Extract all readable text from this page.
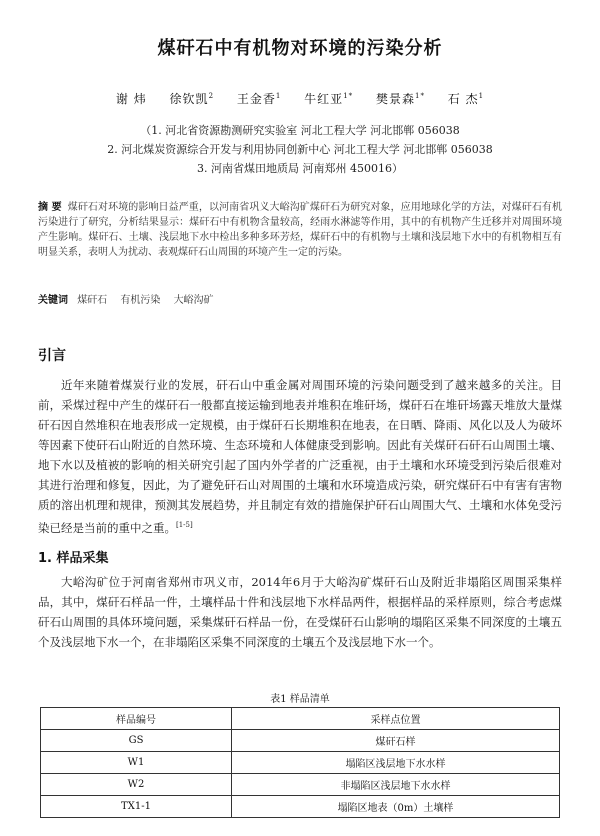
煤矸石中有机物对环境的污染分析
谢 炜 徐钦凯$^2$ 王金香$^1$ 牛红亚$^{1*}$ 樊景森$^{1*}$ 石 杰$^1$
（1. 河北省资源勘测研究实验室 河北工程大学 河北邯郸 056038
2. 河北煤炭资源综合开发与利用协同创新中心 河北工程大学 河北邯郸 056038
3. 河南省煤田地质局 河南郑州 450016）
摘 要 煤矸石对环境的影响日益严重，以河南省巩义大峪沟矿煤矸石为研究对象，应用地球化学的方法，对煤矸石有机污染进行了研究，分析结果显示：煤矸石中有机物含量较高，经雨水淋滤等作用，其中的有机物产生迁移并对周围环境产生影响。煤矸石、土壤、浅层地下水中检出多种多环芳烃，煤矸石中的有机物与土壤和浅层地下水中的有机物相互有明显关系，表明人为扰动、表观煤矸石山周围的环境产生一定的污染。
关键词 煤矸石 有机污染 大峪沟矿
引言
近年来随着煤炭行业的发展，矸石山中重金属对周围环境的污染问题受到了越来越多的关注。目前，采煤过程中产生的煤矸石一般都直接运输到地表并堆积在堆矸场，煤矸石在堆矸场露天堆放大量煤矸石因自然堆积在地表形成一定规模，由于煤矸石长期堆积在地表，在日晒、降雨、风化以及人为破坏等因素下使矸石山附近的自然环境、生态环境和人体健康受到影响。因此有关煤矸石矸石山周围土壤、地下水以及植被的影响的相关研究引起了国内外学者的广泛重视，由于土壤和水环境受到污染后很难对其进行治理和修复，因此，为了避免矸石山对周围的土壤和水环境造成污染，研究煤矸石中有害有害物质的溶出机理和规律，预测其发展趋势，并且制定有效的措施保护矸石山周围大气、土壤和水体免受污染已经是当前的重中之重。[1-5]
1. 样品采集
大峪沟矿位于河南省郑州市巩义市，2014年6月于大峪沟矿煤矸石山及附近非塌陷区周围采集样品，其中，煤矸石样品一件，土壤样品十件和浅层地下水样品两件，根据样品的采样原则，综合考虑煤矸石山周围的具体环境问题，采集煤矸石样品一份，在受煤矸石山影响的塌陷区采集不同深度的土壤五个及浅层地下水一个，在非塌陷区采集不同深度的土壤五个及浅层地下水一个。
表1 样品清单
样品编号	采样点位置
GS	煤矸石样
W1	塌陷区浅层地下水水样
W2	非塌陷区浅层地下水水样
TX1-1	塌陷区地表（0m）土壤样
